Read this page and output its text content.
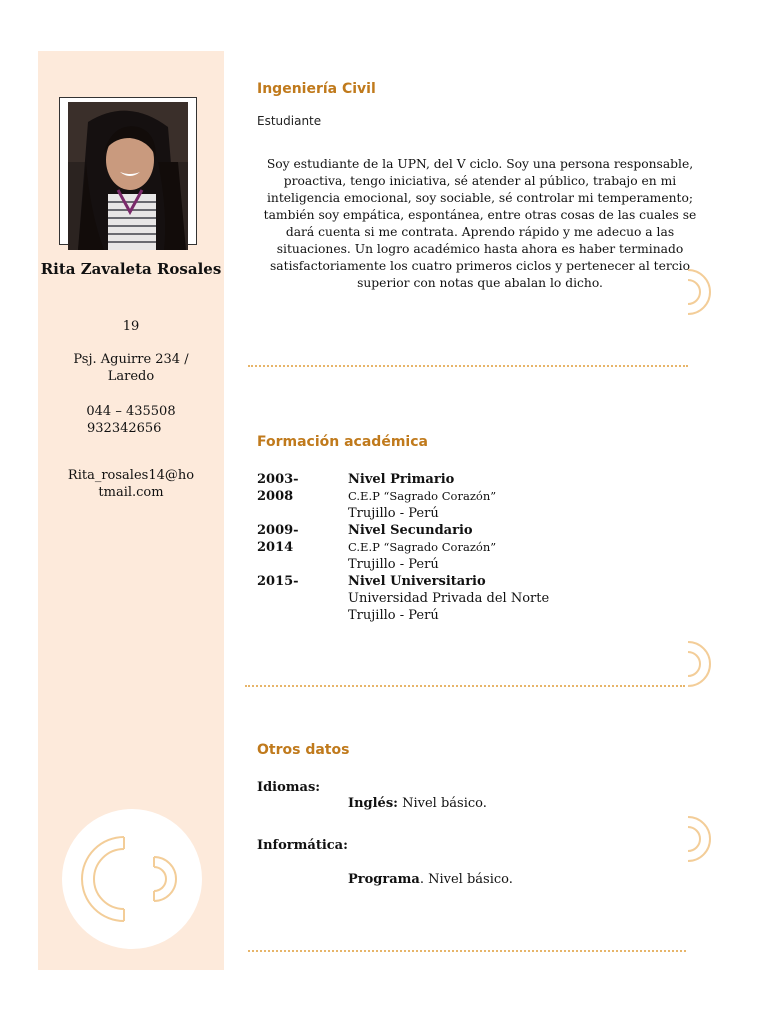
Rita Zavaleta Rosales
19
Psj. Aguirre 234 / Laredo
044 – 435508
932342656
Rita_rosales14@hotmail.com
Ingeniería Civil
Estudiante
Soy estudiante de la UPN, del V ciclo. Soy una persona responsable, proactiva, tengo iniciativa, sé atender al público, trabajo en mi inteligencia emocional, soy sociable, sé controlar mi temperamento; también soy empática, espontánea, entre otras cosas de las cuales se dará cuenta si me contrata. Aprendo rápido y me adecuo a las situaciones. Un logro académico hasta ahora es haber terminado satisfactoriamente los cuatro primeros ciclos y pertenecer al tercio superior con notas que abalan lo dicho.
Formación académica
2003-2008
Nivel Primario
C.E.P “Sagrado Corazón”
Trujillo - Perú
2009-2014
Nivel Secundario
C.E.P “Sagrado Corazón”
Trujillo - Perú
2015-	Nivel Universitario
Universidad Privada del Norte
Trujillo - Perú
Otros datos
Idiomas:
Inglés: Nivel básico.
Informática:
Programa. Nivel básico.
